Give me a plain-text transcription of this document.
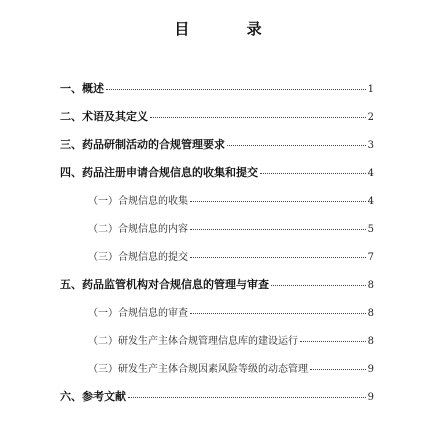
目 录
一、概述	1
二、术语及其定义	2
三、药品研制活动的合规管理要求	3
四、药品注册申请合规信息的收集和提交	4
（一）合规信息的收集	4
（二）合规信息的内容	5
（三）合规信息的提交	7
五、药品监管机构对合规信息的管理与审查	8
（一）合规信息的审查	8
（二）研发生产主体合规管理信息库的建设运行	8
（三）研发生产主体合规因素风险等级的动态管理	9
六、参考文献	9
